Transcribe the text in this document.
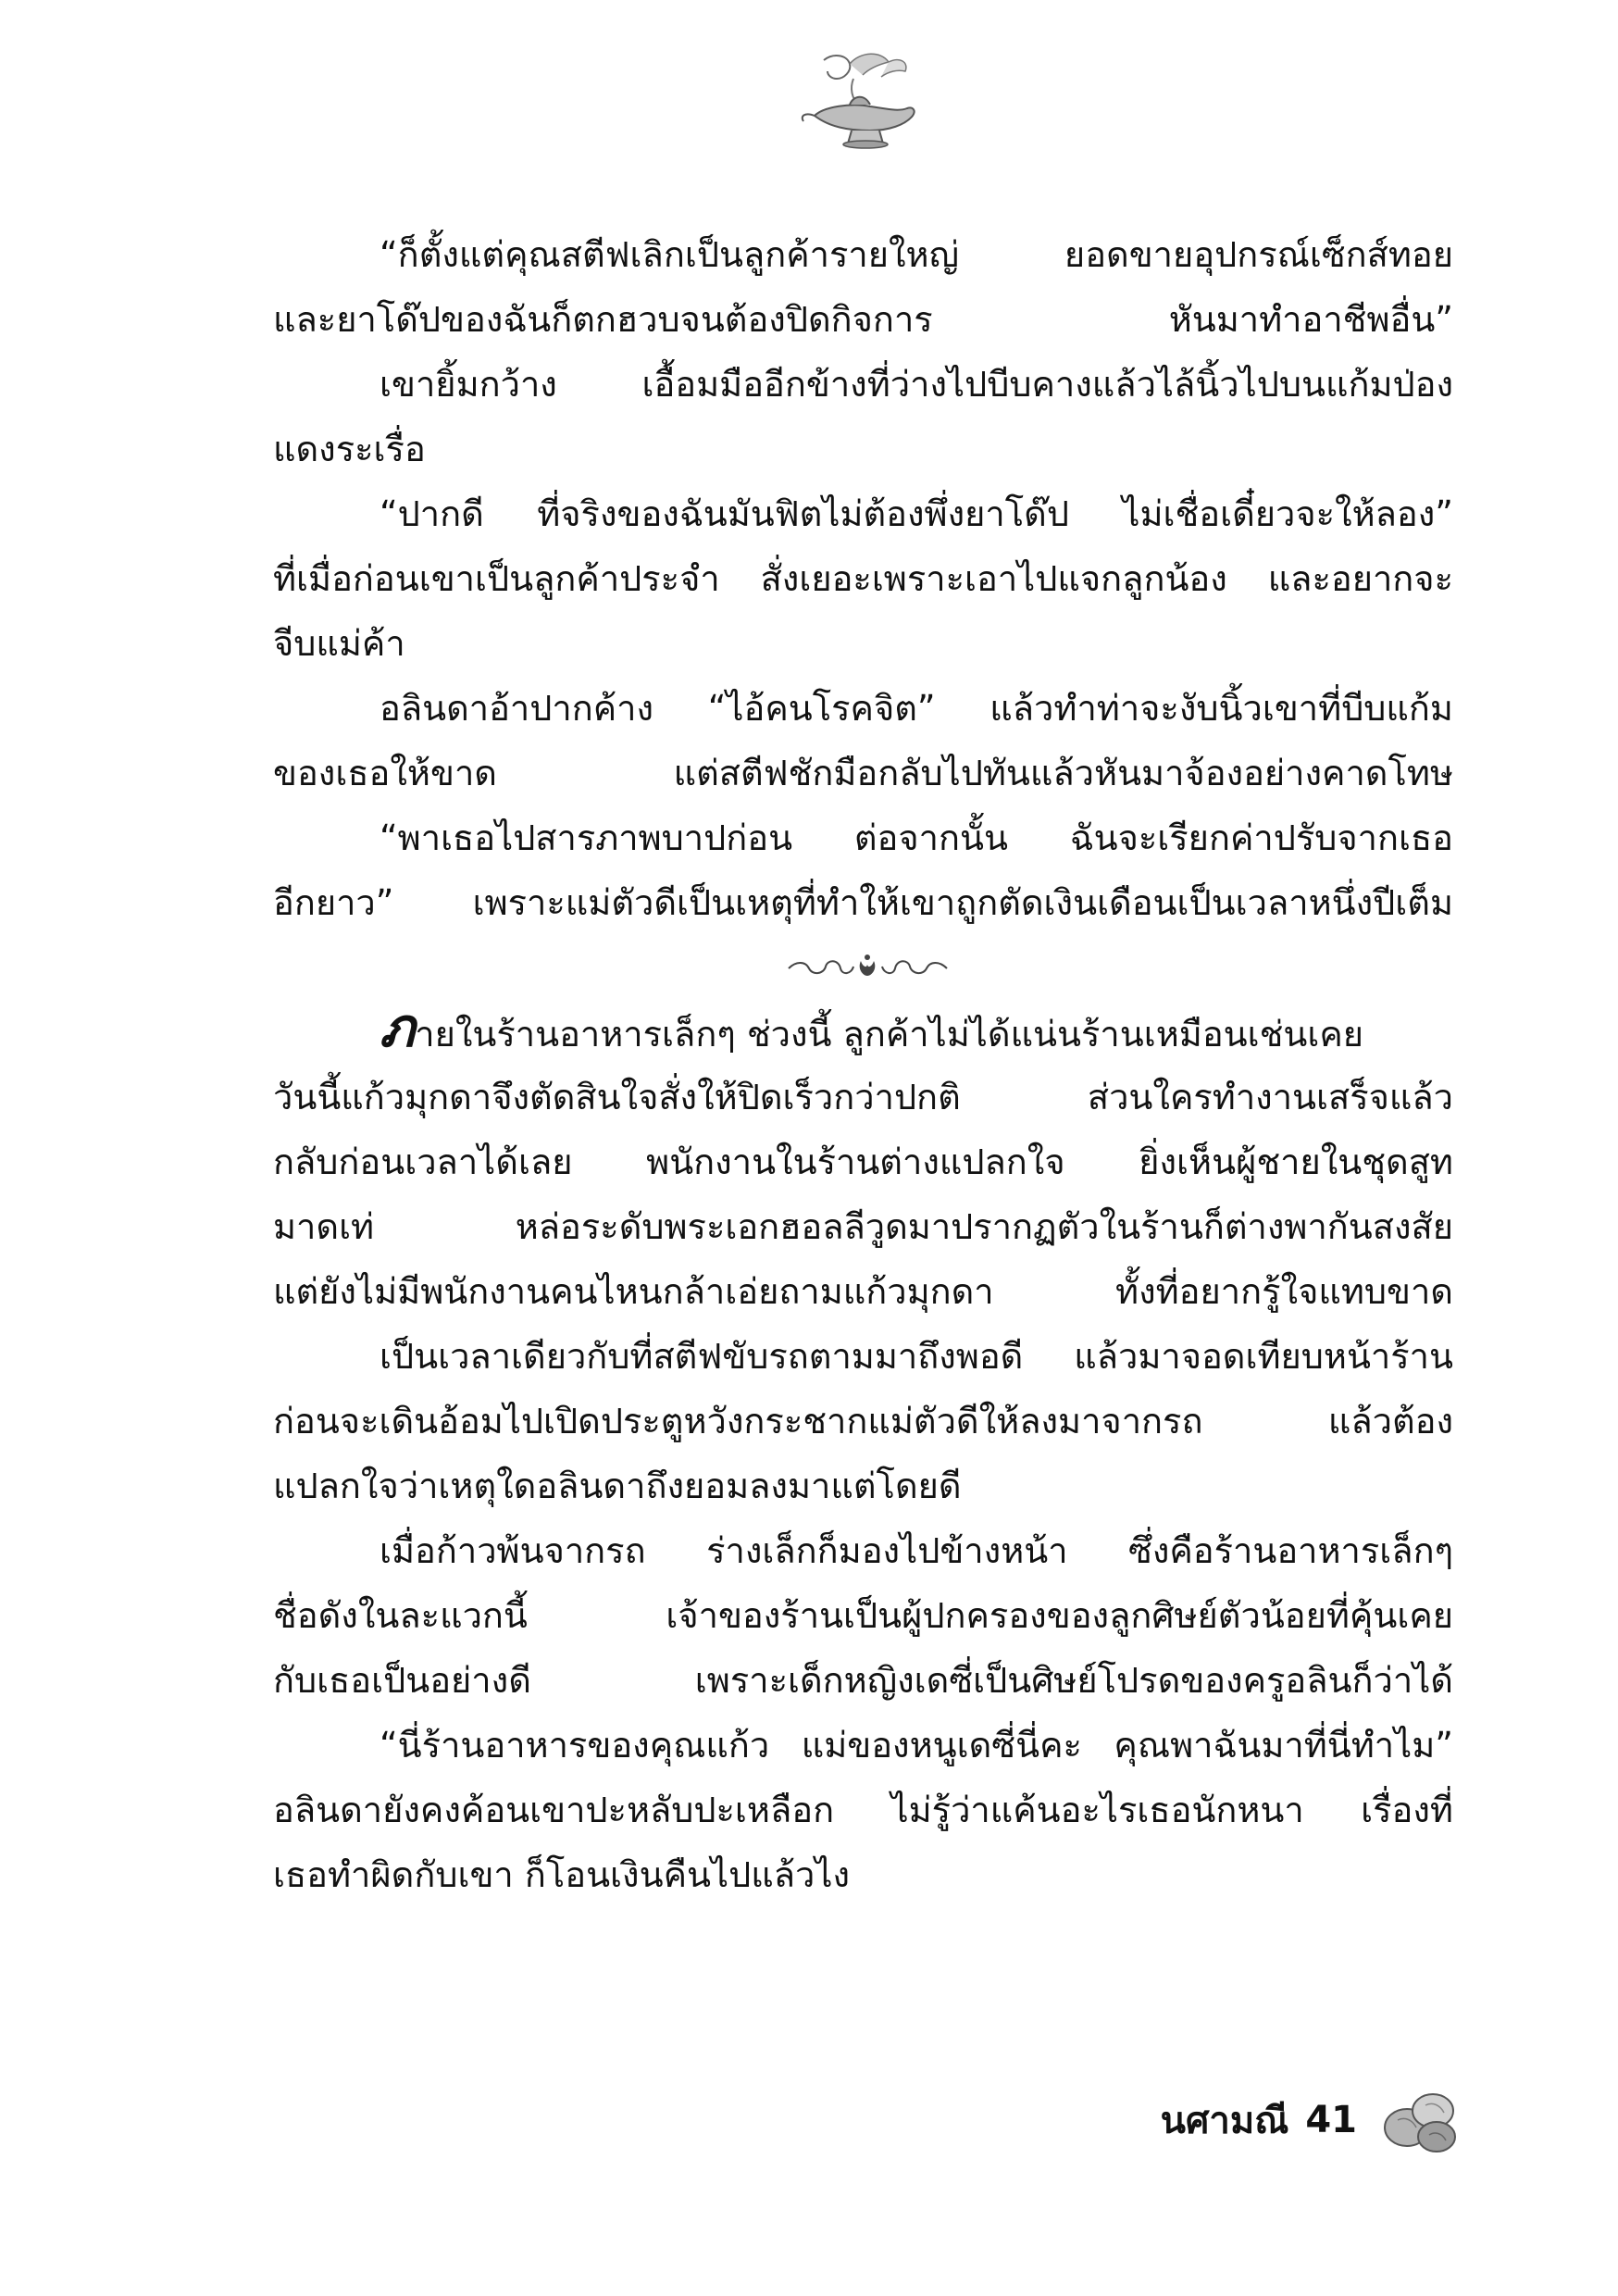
“ก็ตั้งแต่คุณสตีฟเลิกเป็นลูกค้ารายใหญ่	ยอดขายอุปกรณ์เซ็กส์ทอย
และยาโด๊ปของฉันก็ตกฮวบจนต้องปิดกิจการ	หันมาทำอาชีพอื่น”
เขายิ้มกว้าง เอื้อมมืออีกข้างที่ว่างไปบีบคางแล้วไล้นิ้วไปบนแก้มป่อง
แดงระเรื่อ
“ปากดี ที่จริงของฉันมันฟิตไม่ต้องพึ่งยาโด๊ป ไม่เชื่อเดี๋ยวจะให้ลอง”
ที่เมื่อก่อนเขาเป็นลูกค้าประจำ สั่งเยอะเพราะเอาไปแจกลูกน้อง และอยากจะ
จีบแม่ค้า
อลินดาอ้าปากค้าง “ไอ้คนโรคจิต” แล้วทำท่าจะงับนิ้วเขาที่บีบแก้ม
ของเธอให้ขาด	แต่สตีฟชักมือกลับไปทันแล้วหันมาจ้องอย่างคาดโทษ
“พาเธอไปสารภาพบาปก่อน ต่อจากนั้น ฉันจะเรียกค่าปรับจากเธอ
อีกยาว” เพราะแม่ตัวดีเป็นเหตุที่ทำให้เขาถูกตัดเงินเดือนเป็นเวลาหนึ่งปีเต็ม
ภายในร้านอาหารเล็กๆ ช่วงนี้ ลูกค้าไม่ได้แน่นร้านเหมือนเช่นเคย
วันนี้แก้วมุกดาจึงตัดสินใจสั่งให้ปิดเร็วกว่าปกติ	ส่วนใครทำงานเสร็จแล้ว
กลับก่อนเวลาได้เลย พนักงานในร้านต่างแปลกใจ ยิ่งเห็นผู้ชายในชุดสูท
มาดเท่	หล่อระดับพระเอกฮอลลีวูดมาปรากฏตัวในร้านก็ต่างพากันสงสัย
แต่ยังไม่มีพนักงานคนไหนกล้าเอ่ยถามแก้วมุกดา	ทั้งที่อยากรู้ใจแทบขาด
เป็นเวลาเดียวกับที่สตีฟขับรถตามมาถึงพอดี แล้วมาจอดเทียบหน้าร้าน
ก่อนจะเดินอ้อมไปเปิดประตูหวังกระชากแม่ตัวดีให้ลงมาจากรถ	แล้วต้อง
แปลกใจว่าเหตุใดอลินดาถึงยอมลงมาแต่โดยดี
เมื่อก้าวพ้นจากรถ ร่างเล็กก็มองไปข้างหน้า ซึ่งคือร้านอาหารเล็กๆ
ชื่อดังในละแวกนี้	เจ้าของร้านเป็นผู้ปกครองของลูกศิษย์ตัวน้อยที่คุ้นเคย
กับเธอเป็นอย่างดี	เพราะเด็กหญิงเดซี่เป็นศิษย์โปรดของครูอลินก็ว่าได้
“นี่ร้านอาหารของคุณแก้ว แม่ของหนูเดซี่นี่คะ คุณพาฉันมาที่นี่ทำไม”
อลินดายังคงค้อนเขาปะหลับปะเหลือก ไม่รู้ว่าแค้นอะไรเธอนักหนา เรื่องที่
เธอทำผิดกับเขา ก็โอนเงินคืนไปแล้วไง
นศามณี 41
